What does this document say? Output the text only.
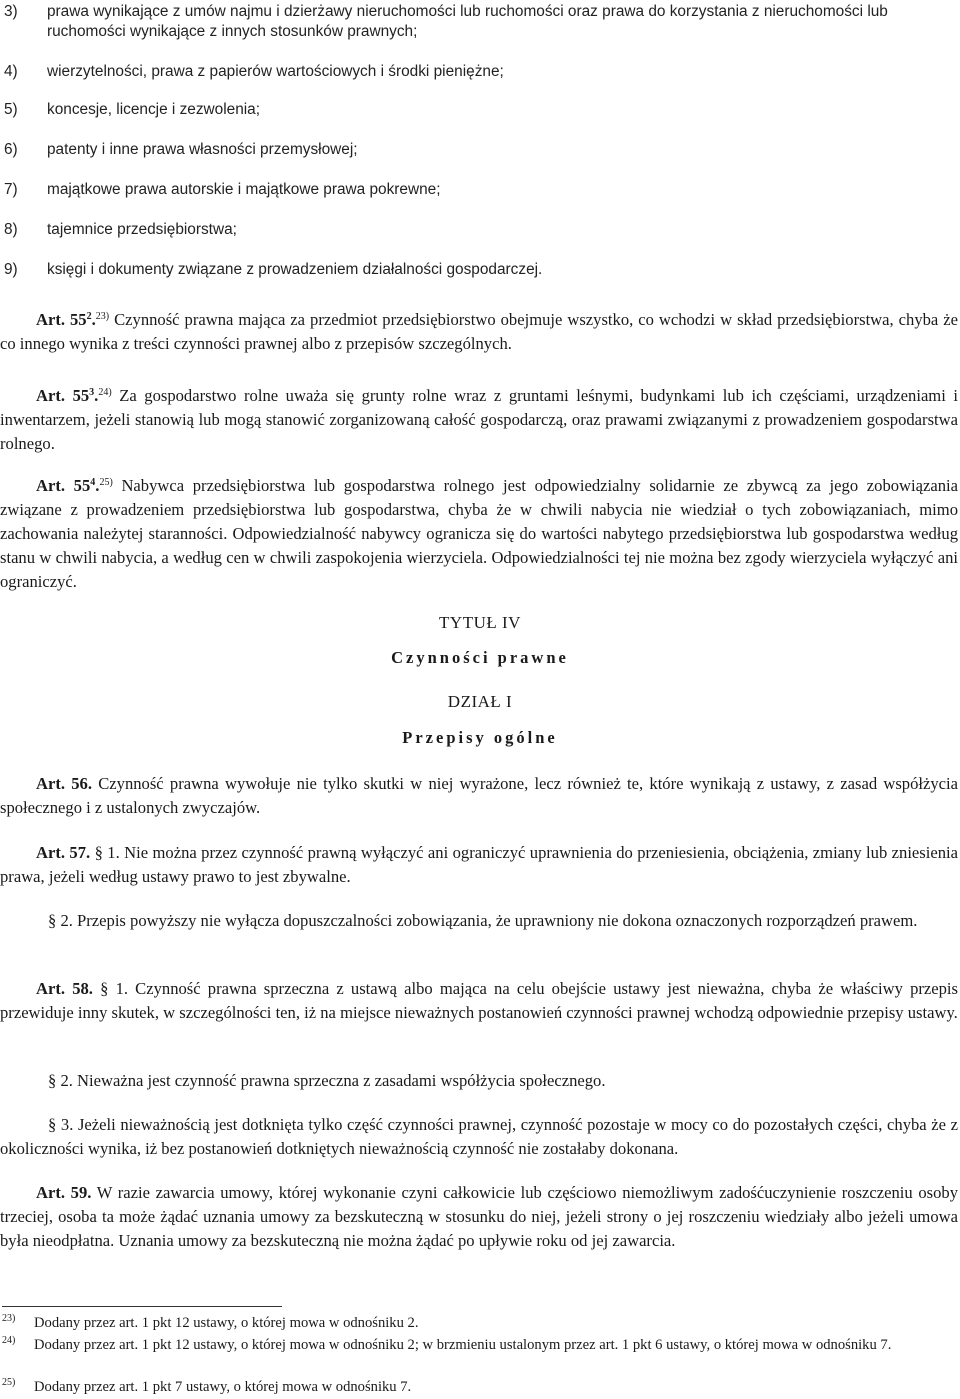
3)	prawa wynikające z umów najmu i dzierżawy nieruchomości lub ruchomości oraz prawa do korzystania z nieruchomości lub ruchomości wynikające z innych stosunków prawnych;
4)	wierzytelności, prawa z papierów wartościowych i środki pieniężne;
5)	koncesje, licencje i zezwolenia;
6)	patenty i inne prawa własności przemysłowej;
7)	majątkowe prawa autorskie i majątkowe prawa pokrewne;
8)	tajemnice przedsiębiorstwa;
9)	księgi i dokumenty związane z prowadzeniem działalności gospodarczej.
Art. $55^2.^{23)}$ Czynność prawna mająca za przedmiot przedsiębiorstwo obejmuje wszystko, co wchodzi w skład przedsiębiorstwa, chyba że co innego wynika z treści czynności prawnej albo z przepisów szczególnych.
Art. $55^3.^{24)}$ Za gospodarstwo rolne uważa się grunty rolne wraz z gruntami leśnymi, budynkami lub ich częściami, urządzeniami i inwentarzem, jeżeli stanowią lub mogą stanowić zorganizowaną całość gospodarczą, oraz prawami związanymi z prowadzeniem gospodarstwa rolnego.
Art. $55^4.^{25)}$ Nabywca przedsiębiorstwa lub gospodarstwa rolnego jest odpowiedzialny solidarnie ze zbywcą za jego zobowiązania związane z prowadzeniem przedsiębiorstwa lub gospodarstwa, chyba że w chwili nabycia nie wiedział o tych zobowiązaniach, mimo zachowania należytej staranności. Odpowiedzialność nabywcy ogranicza się do wartości nabytego przedsiębiorstwa lub gospodarstwa według stanu w chwili nabycia, a według cen w chwili zaspokojenia wierzyciela. Odpowiedzialności tej nie można bez zgody wierzyciela wyłączyć ani ograniczyć.
TYTUŁ IV
Czynności prawne
DZIAŁ I
Przepisy ogólne
Art. 56. Czynność prawna wywołuje nie tylko skutki w niej wyrażone, lecz również te, które wynikają z ustawy, z zasad współżycia społecznego i z ustalonych zwyczajów.
Art. 57. § 1. Nie można przez czynność prawną wyłączyć ani ograniczyć uprawnienia do przeniesienia, obciążenia, zmiany lub zniesienia prawa, jeżeli według ustawy prawo to jest zbywalne.
§ 2. Przepis powyższy nie wyłącza dopuszczalności zobowiązania, że uprawniony nie dokona oznaczonych rozporządzeń prawem.
Art. 58. § 1. Czynność prawna sprzeczna z ustawą albo mająca na celu obejście ustawy jest nieważna, chyba że właściwy przepis przewiduje inny skutek, w szczególności ten, iż na miejsce nieważnych postanowień czynności prawnej wchodzą odpowiednie przepisy ustawy.
§ 2. Nieważna jest czynność prawna sprzeczna z zasadami współżycia społecznego.
§ 3. Jeżeli nieważnością jest dotknięta tylko część czynności prawnej, czynność pozostaje w mocy co do pozostałych części, chyba że z okoliczności wynika, iż bez postanowień dotkniętych nieważnością czynność nie zostałaby dokonana.
Art. 59. W razie zawarcia umowy, której wykonanie czyni całkowicie lub częściowo niemożliwym zadośćuczynienie roszczeniu osoby trzeciej, osoba ta może żądać uznania umowy za bezskuteczną w stosunku do niej, jeżeli strony o jej roszczeniu wiedziały albo jeżeli umowa była nieodpłatna. Uznania umowy za bezskuteczną nie można żądać po upływie roku od jej zawarcia.
23)	Dodany przez art. 1 pkt 12 ustawy, o której mowa w odnośniku 2.
24)	Dodany przez art. 1 pkt 12 ustawy, o której mowa w odnośniku 2; w brzmieniu ustalonym przez art. 1 pkt 6 ustawy, o której mowa w odnośniku 7.
25)	Dodany przez art. 1 pkt 7 ustawy, o której mowa w odnośniku 7.
